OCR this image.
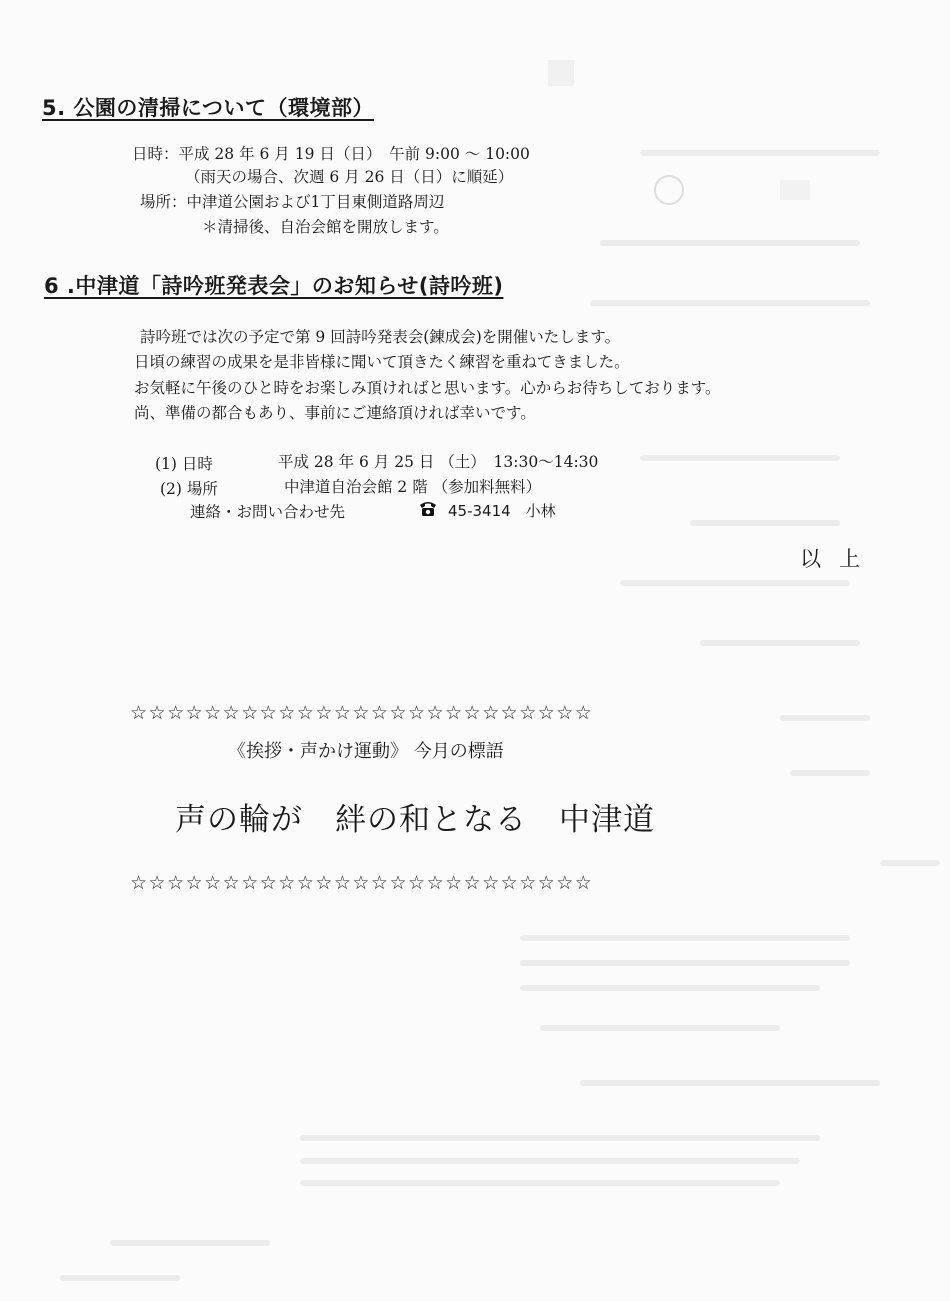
5. 公園の清掃について（環境部）
日時：平成 28 年 6 月 19 日（日）　午前 9:00 ～ 10:00
（雨天の場合、次週 6 月 26 日（日）に順延）
場所：中津道公園および1丁目東側道路周辺
＊清掃後、自治会館を開放します。
6 .中津道「詩吟班発表会」のお知らせ(詩吟班)
詩吟班では次の予定で第 9 回詩吟発表会(錬成会)を開催いたします。
日頃の練習の成果を是非皆様に聞いて頂きたく練習を重ねてきました。
お気軽に午後のひと時をお楽しみ頂ければと思います。心からお待ちしております。
尚、準備の都合もあり、事前にご連絡頂ければ幸いです。
(1) 日時	平成 28 年 6 月 25 日 （土）　13:30～14:30
(2) 場所	中津道自治会館 2 階 （参加料無料）
連絡・お問い合わせ先	45-3414　小林
以上
☆☆☆☆☆☆☆☆☆☆☆☆☆☆☆☆☆☆☆☆☆☆☆☆☆
《挨拶・声かけ運動》 今月の標語
声の輪が　絆の和となる　中津道
☆☆☆☆☆☆☆☆☆☆☆☆☆☆☆☆☆☆☆☆☆☆☆☆☆
